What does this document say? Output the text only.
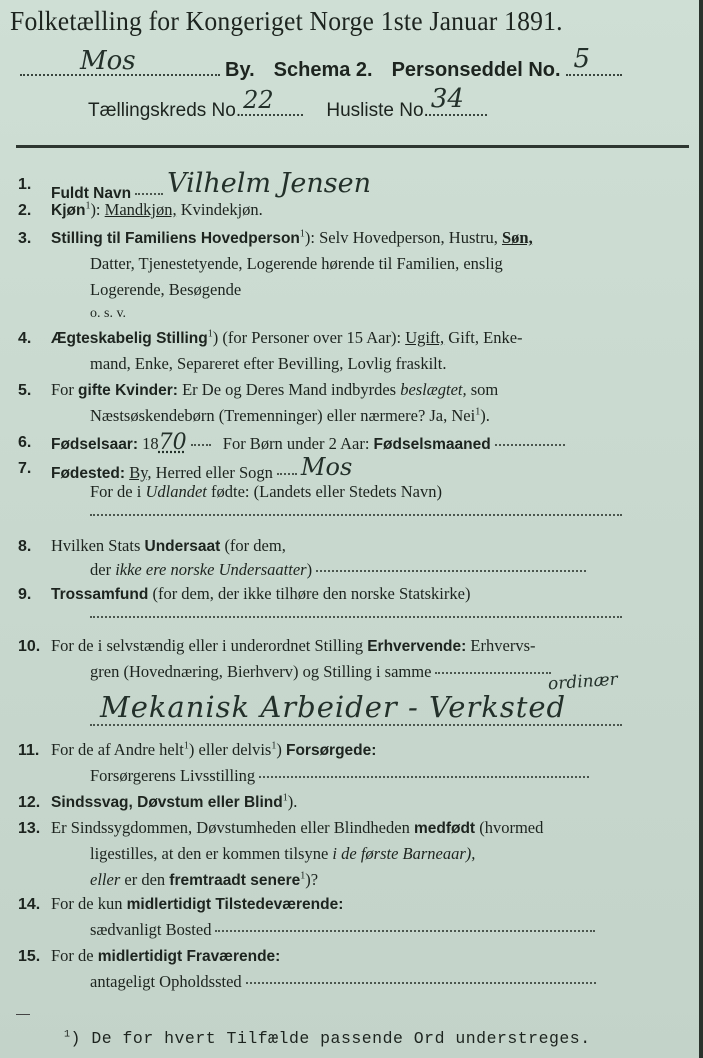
Folketælling for Kongeriget Norge 1ste Januar 1891.
Mos	By. Schema 2. Personseddel No. 5
Tællingskreds No. 22	Husliste No. 34
1.
Fuldt Navn Vilhelm Jensen
2. Kjøn$^1$): Mandkjøn, Kvindekjøn.
3. Stilling til Familiens Hovedperson$^1$): Selv Hovedperson, Hustru, Søn,
Datter, Tjenestetyende, Logerende hørende til Familien, enslig
Logerende, Besøgende
o. s. v.
4. Ægteskabelig Stilling$^1$) (for Personer over 15 Aar): Ugift, Gift, Enke-
mand, Enke, Separeret efter Bevilling, Lovlig fraskilt.
5. For gifte Kvinder: Er De og Deres Mand indbyrdes beslægtet, som
Næstsøskendebørn (Tremenninger) eller nærmere? Ja, Nei$^1$).
6. Fødselsaar: 1870 For Børn under 2 Aar: Fødselsmaaned
7. Fødested: By, Herred eller Sogn Mos
For de i Udlandet fødte: (Landets eller Stedets Navn)
8. Hvilken Stats Undersaat (for dem,
der ikke ere norske Undersaatter)
9. Trossamfund (for dem, der ikke tilhøre den norske Statskirke)
10. For de i selvstændig eller i underordnet Stilling Erhvervende: Erhvervs-
gren (Hovednæring, Bierhverv) og Stilling i samme	ordinær
Mekanisk Arbeider - Verksted
11. For de af Andre helt$^1$) eller delvis$^1$) Forsørgede:
Forsørgerens Livsstilling
12. Sindssvag, Døvstum eller Blind$^1$).
13. Er Sindssygdommen, Døvstumheden eller Blindheden medfødt (hvormed
ligestilles, at den er kommen tilsyne i de første Barneaar),
eller er den fremtraadt senere$^1$)?
14. For de kun midlertidigt Tilstedeværende:
sædvanligt Bosted
15. For de midlertidigt Fraværende:
antageligt Opholdssted
$^1$) De for hvert Tilfælde passende Ord understreges.
